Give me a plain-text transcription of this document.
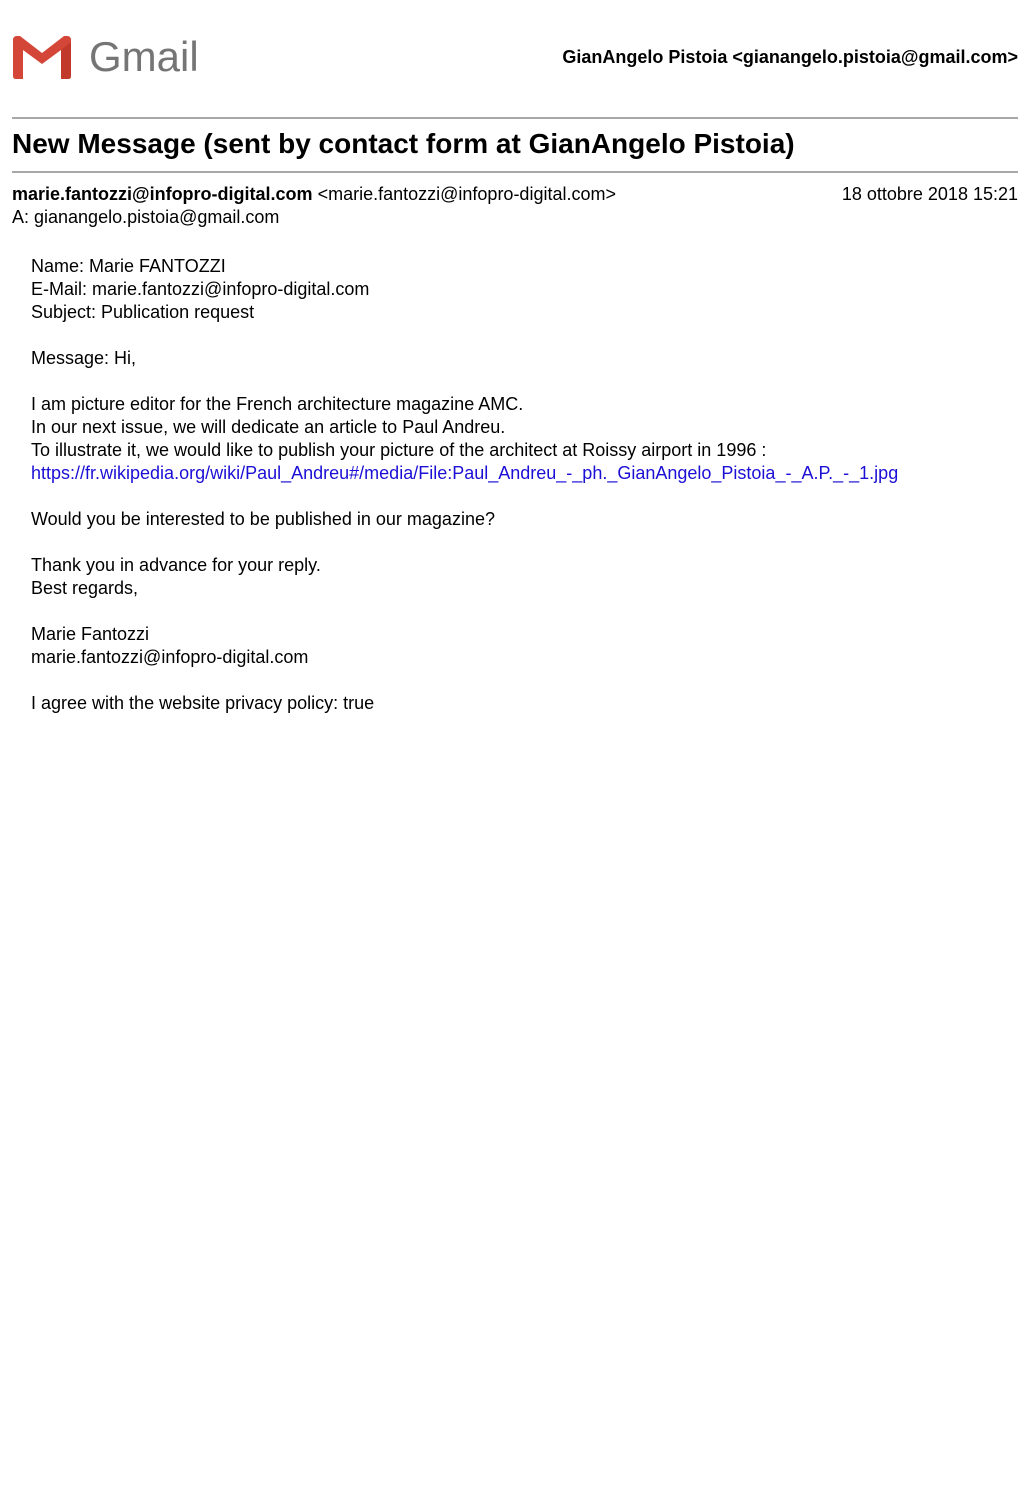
Gmail	GianAngelo Pistoia <gianangelo.pistoia@gmail.com>
New Message (sent by contact form at GianAngelo Pistoia)
marie.fantozzi@infopro-digital.com <marie.fantozzi@infopro-digital.com>	18 ottobre 2018 15:21
A: gianangelo.pistoia@gmail.com
Name: Marie FANTOZZI
E-Mail: marie.fantozzi@infopro-digital.com
Subject: Publication request
Message: Hi,
I am picture editor for the French architecture magazine AMC.
In our next issue, we will dedicate an article to Paul Andreu.
To illustrate it, we would like to publish your picture of the architect at Roissy airport in 1996 :
https://fr.wikipedia.org/wiki/Paul_Andreu#/media/File:Paul_Andreu_-_ph._GianAngelo_Pistoia_-_A.P._-_1.jpg
Would you be interested to be published in our magazine?
Thank you in advance for your reply.
Best regards,
Marie Fantozzi
marie.fantozzi@infopro-digital.com
I agree with the website privacy policy: true
